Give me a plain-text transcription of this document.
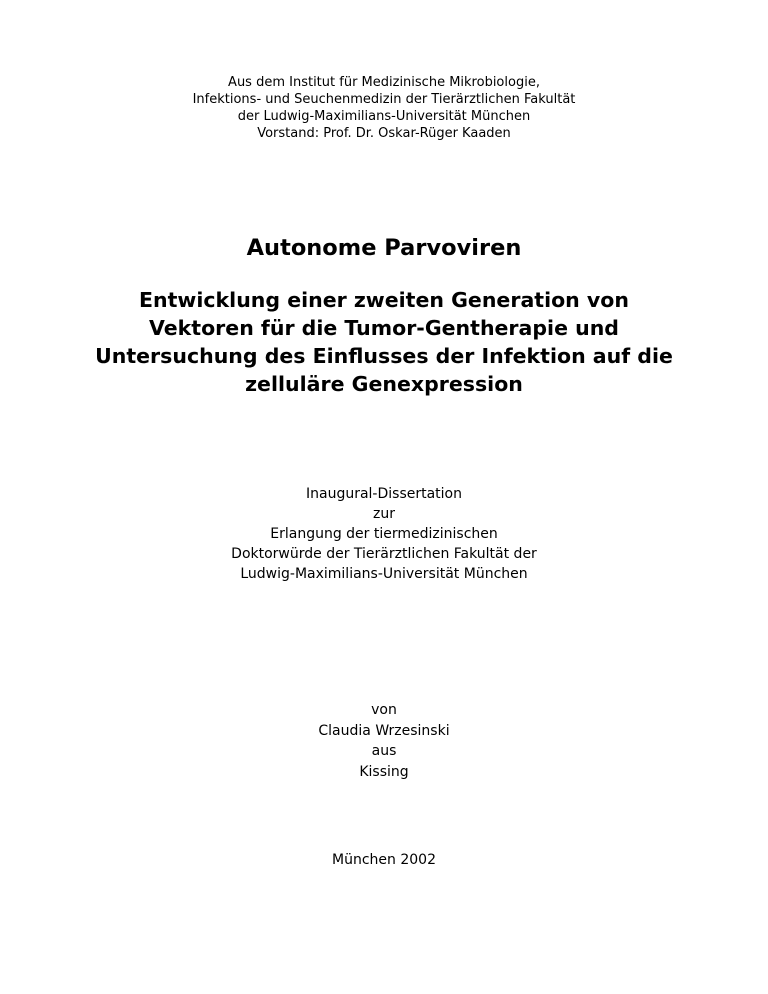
Aus dem Institut für Medizinische Mikrobiologie,
Infektions- und Seuchenmedizin der Tierärztlichen Fakultät
der Ludwig-Maximilians-Universität München
Vorstand: Prof. Dr. Oskar-Rüger Kaaden
Autonome Parvoviren
Entwicklung einer zweiten Generation von
Vektoren für die Tumor-Gentherapie und
Untersuchung des Einflusses der Infektion auf die
zelluläre Genexpression
Inaugural-Dissertation
zur
Erlangung der tiermedizinischen
Doktorwürde der Tierärztlichen Fakultät der
Ludwig-Maximilians-Universität München
von
Claudia Wrzesinski
aus
Kissing
München 2002
